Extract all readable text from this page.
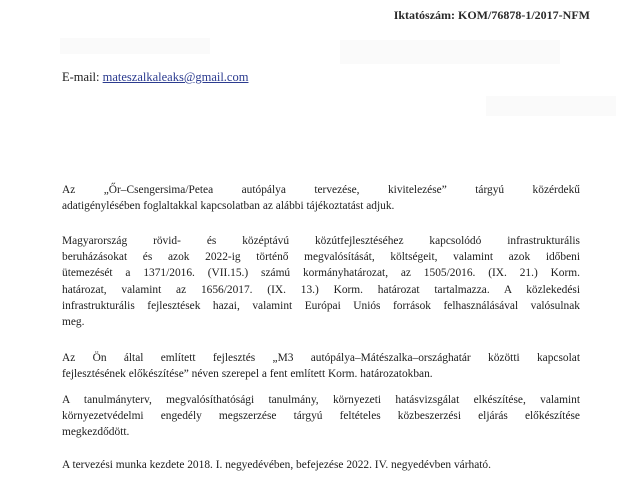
Iktatószám: KOM/76878-1/2017-NFM
E-mail: mateszalkaleaks@gmail.com
Az „Őr–Csengersima/Petea autópálya tervezése, kivitelezése” tárgyú közérdekű
adatigénylésében foglaltakkal kapcsolatban az alábbi tájékoztatást adjuk.
Magyarország rövid- és középtávú közútfejlesztéséhez kapcsolódó infrastrukturális
beruházásokat és azok 2022-ig történő megvalósítását, költségeit, valamint azok időbeni
ütemezését a 1371/2016. (VII.15.) számú kormányhatározat, az 1505/2016. (IX. 21.) Korm.
határozat, valamint az 1656/2017. (IX. 13.) Korm. határozat tartalmazza. A közlekedési
infrastrukturális fejlesztések hazai, valamint Európai Uniós források felhasználásával valósulnak
meg.
Az Ön által említett fejlesztés „M3 autópálya–Mátészalka–országhatár közötti kapcsolat
fejlesztésének előkészítése” néven szerepel a fent említett Korm. határozatokban.
A tanulmányterv, megvalósíthatósági tanulmány, környezeti hatásvizsgálat elkészítése, valamint
környezetvédelmi engedély megszerzése tárgyú feltételes közbeszerzési eljárás előkészítése
megkezdődött.
A tervezési munka kezdete 2018. I. negyedévében, befejezése 2022. IV. negyedévben várható.
